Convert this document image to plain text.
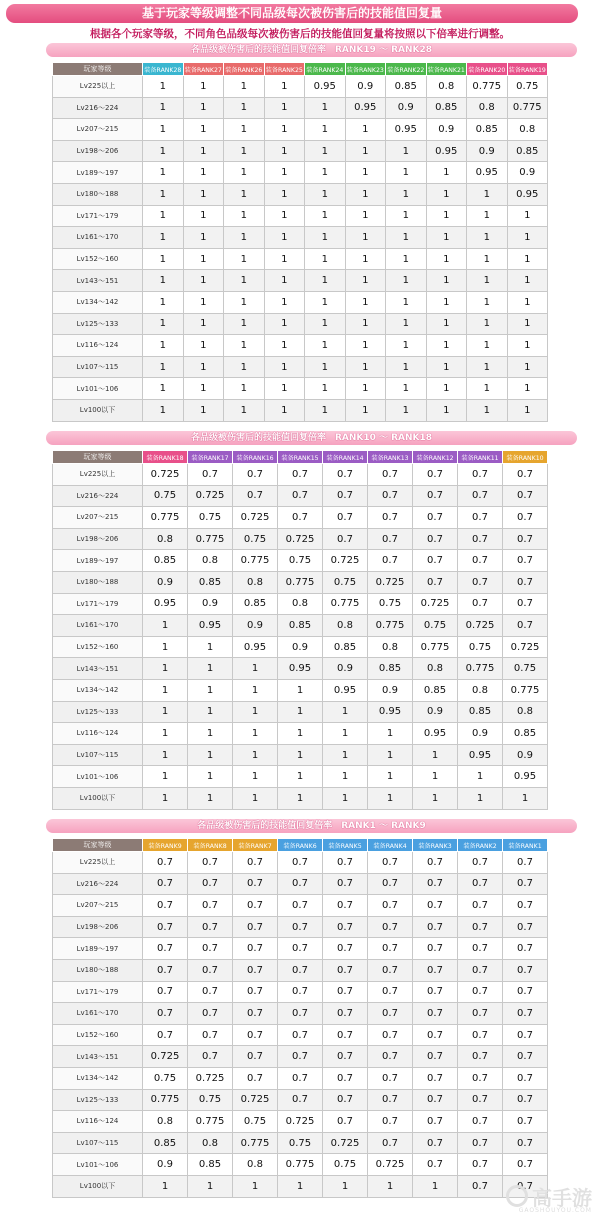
基于玩家等级调整不同品级每次被伤害后的技能值回复量
根据各个玩家等级，不同角色品级每次被伤害后的技能值回复量将按照以下倍率进行调整。
各品级被伤害后的技能值回复倍率　RANK19 ～ RANK28
玩家等级	装备RANK28	装备RANK27	装备RANK26	装备RANK25	装备RANK24	装备RANK23	装备RANK22	装备RANK21	装备RANK20	装备RANK19
Lv225以上	1	1	1	1	0.95	0.9	0.85	0.8	0.775	0.75
Lv216～224	1	1	1	1	1	0.95	0.9	0.85	0.8	0.775
Lv207～215	1	1	1	1	1	1	0.95	0.9	0.85	0.8
Lv198～206	1	1	1	1	1	1	1	0.95	0.9	0.85
Lv189～197	1	1	1	1	1	1	1	1	0.95	0.9
Lv180～188	1	1	1	1	1	1	1	1	1	0.95
Lv171～179	1	1	1	1	1	1	1	1	1	1
Lv161～170	1	1	1	1	1	1	1	1	1	1
Lv152～160	1	1	1	1	1	1	1	1	1	1
Lv143～151	1	1	1	1	1	1	1	1	1	1
Lv134～142	1	1	1	1	1	1	1	1	1	1
Lv125～133	1	1	1	1	1	1	1	1	1	1
Lv116～124	1	1	1	1	1	1	1	1	1	1
Lv107～115	1	1	1	1	1	1	1	1	1	1
Lv101～106	1	1	1	1	1	1	1	1	1	1
Lv100以下	1	1	1	1	1	1	1	1	1	1
各品级被伤害后的技能值回复倍率　RANK10 ～ RANK18
玩家等级	装备RANK18	装备RANK17	装备RANK16	装备RANK15	装备RANK14	装备RANK13	装备RANK12	装备RANK11	装备RANK10
Lv225以上	0.725	0.7	0.7	0.7	0.7	0.7	0.7	0.7	0.7
Lv216～224	0.75	0.725	0.7	0.7	0.7	0.7	0.7	0.7	0.7
Lv207～215	0.775	0.75	0.725	0.7	0.7	0.7	0.7	0.7	0.7
Lv198～206	0.8	0.775	0.75	0.725	0.7	0.7	0.7	0.7	0.7
Lv189～197	0.85	0.8	0.775	0.75	0.725	0.7	0.7	0.7	0.7
Lv180～188	0.9	0.85	0.8	0.775	0.75	0.725	0.7	0.7	0.7
Lv171～179	0.95	0.9	0.85	0.8	0.775	0.75	0.725	0.7	0.7
Lv161～170	1	0.95	0.9	0.85	0.8	0.775	0.75	0.725	0.7
Lv152～160	1	1	0.95	0.9	0.85	0.8	0.775	0.75	0.725
Lv143～151	1	1	1	0.95	0.9	0.85	0.8	0.775	0.75
Lv134～142	1	1	1	1	0.95	0.9	0.85	0.8	0.775
Lv125～133	1	1	1	1	1	0.95	0.9	0.85	0.8
Lv116～124	1	1	1	1	1	1	0.95	0.9	0.85
Lv107～115	1	1	1	1	1	1	1	0.95	0.9
Lv101～106	1	1	1	1	1	1	1	1	0.95
Lv100以下	1	1	1	1	1	1	1	1	1
各品级被伤害后的技能值回复倍率　RANK1 ～ RANK9
玩家等级	装备RANK9	装备RANK8	装备RANK7	装备RANK6	装备RANK5	装备RANK4	装备RANK3	装备RANK2	装备RANK1
Lv225以上	0.7	0.7	0.7	0.7	0.7	0.7	0.7	0.7	0.7
Lv216～224	0.7	0.7	0.7	0.7	0.7	0.7	0.7	0.7	0.7
Lv207～215	0.7	0.7	0.7	0.7	0.7	0.7	0.7	0.7	0.7
Lv198～206	0.7	0.7	0.7	0.7	0.7	0.7	0.7	0.7	0.7
Lv189～197	0.7	0.7	0.7	0.7	0.7	0.7	0.7	0.7	0.7
Lv180～188	0.7	0.7	0.7	0.7	0.7	0.7	0.7	0.7	0.7
Lv171～179	0.7	0.7	0.7	0.7	0.7	0.7	0.7	0.7	0.7
Lv161～170	0.7	0.7	0.7	0.7	0.7	0.7	0.7	0.7	0.7
Lv152～160	0.7	0.7	0.7	0.7	0.7	0.7	0.7	0.7	0.7
Lv143～151	0.725	0.7	0.7	0.7	0.7	0.7	0.7	0.7	0.7
Lv134～142	0.75	0.725	0.7	0.7	0.7	0.7	0.7	0.7	0.7
Lv125～133	0.775	0.75	0.725	0.7	0.7	0.7	0.7	0.7	0.7
Lv116～124	0.8	0.775	0.75	0.725	0.7	0.7	0.7	0.7	0.7
Lv107～115	0.85	0.8	0.775	0.75	0.725	0.7	0.7	0.7	0.7
Lv101～106	0.9	0.85	0.8	0.775	0.75	0.725	0.7	0.7	0.7
Lv100以下	1	1	1	1	1	1	1	0.7	0.7 高手游
GAOSHOUYOU.COM
